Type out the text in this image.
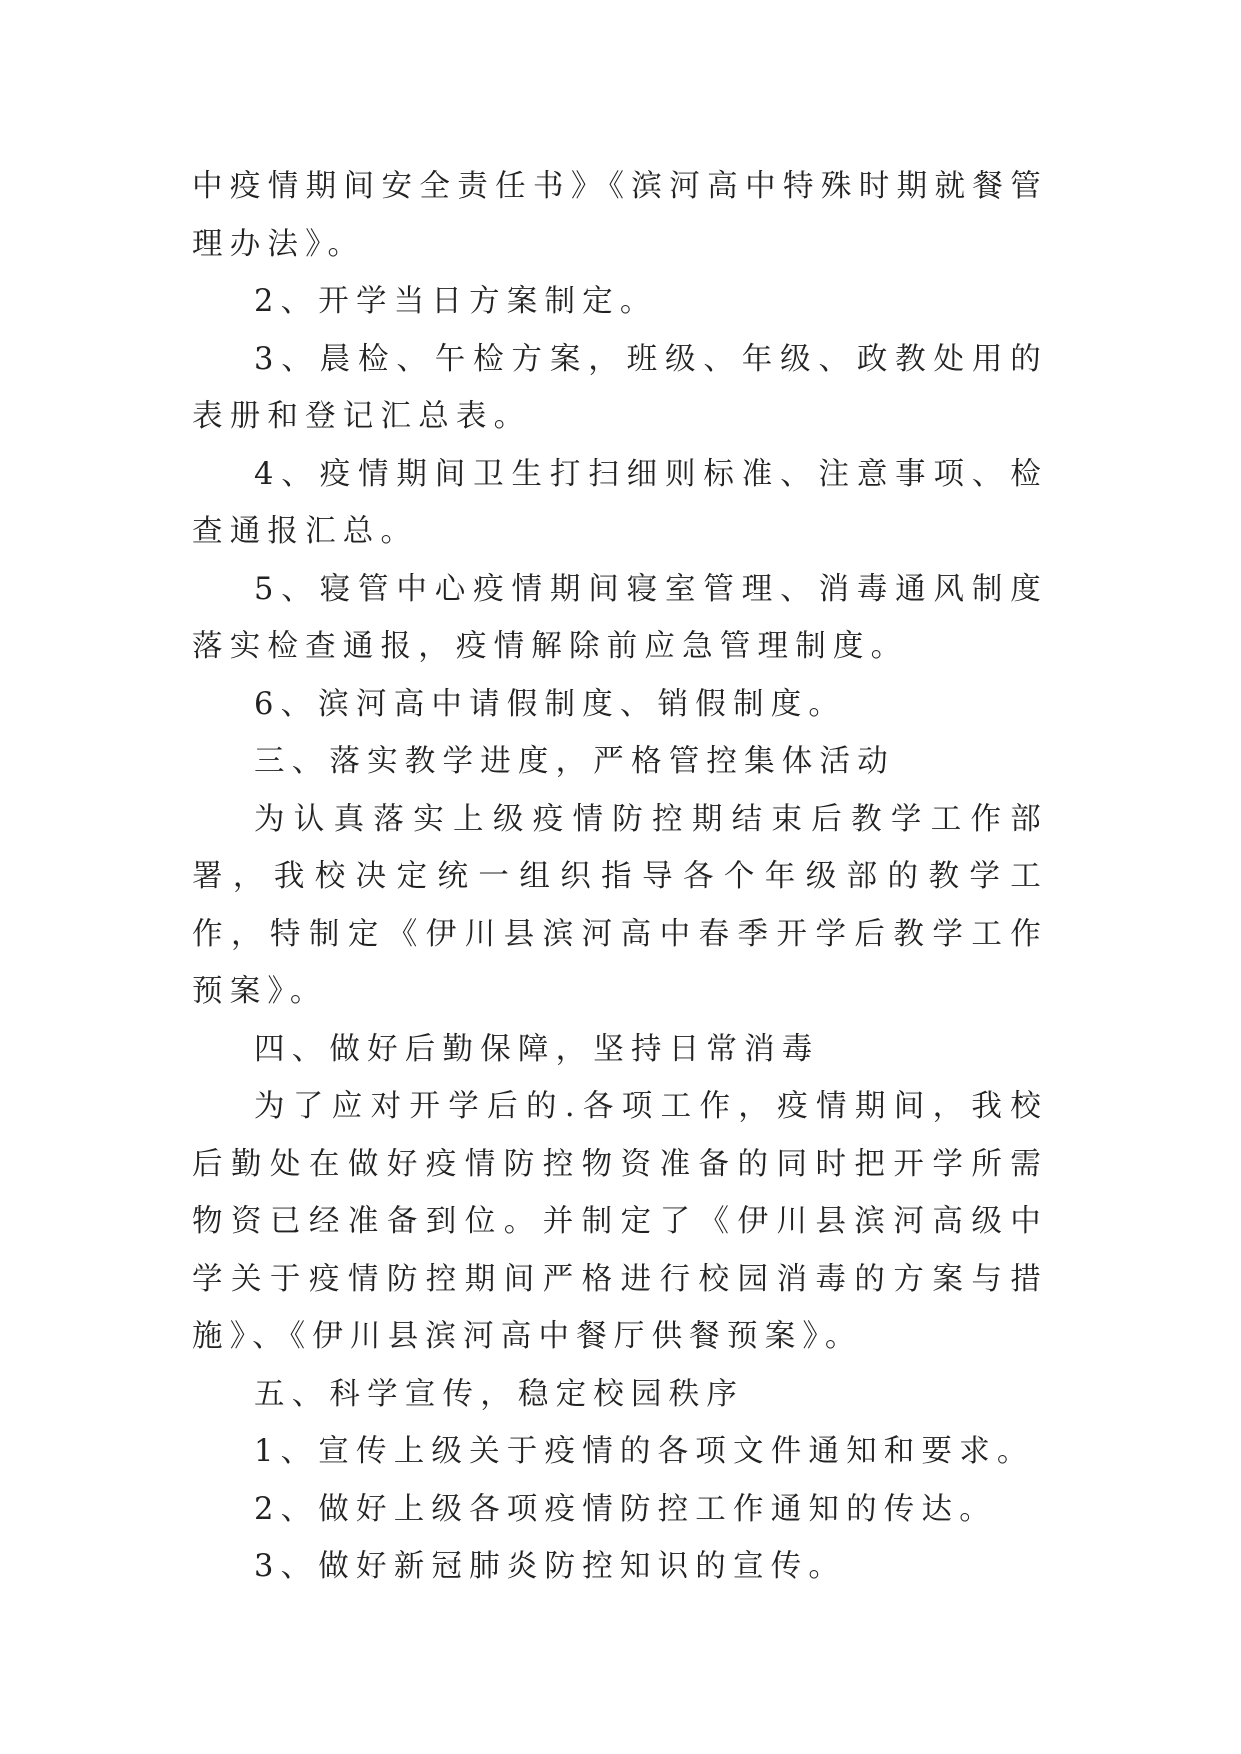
中疫情期间安全责任书》《滨河高中特殊时期就餐管理办法》。

2、开学当日方案制定。

3、晨检、午检方案，班级、年级、政教处用的表册和登记汇总表。

4、疫情期间卫生打扫细则标准、注意事项、检查通报汇总。

5、寝管中心疫情期间寝室管理、消毒通风制度落实检查通报，疫情解除前应急管理制度。

6、滨河高中请假制度、销假制度。

三、落实教学进度，严格管控集体活动

为认真落实上级疫情防控期结束后教学工作部署，我校决定统一组织指导各个年级部的教学工作，特制定《伊川县滨河高中春季开学后教学工作预案》。

四、做好后勤保障，坚持日常消毒

为了应对开学后的.各项工作，疫情期间，我校后勤处在做好疫情防控物资准备的同时把开学所需物资已经准备到位。并制定了《伊川县滨河高级中学关于疫情防控期间严格进行校园消毒的方案与措施》、《伊川县滨河高中餐厅供餐预案》。

五、科学宣传，稳定校园秩序

1、宣传上级关于疫情的各项文件通知和要求。

2、做好上级各项疫情防控工作通知的传达。

3、做好新冠肺炎防控知识的宣传。
